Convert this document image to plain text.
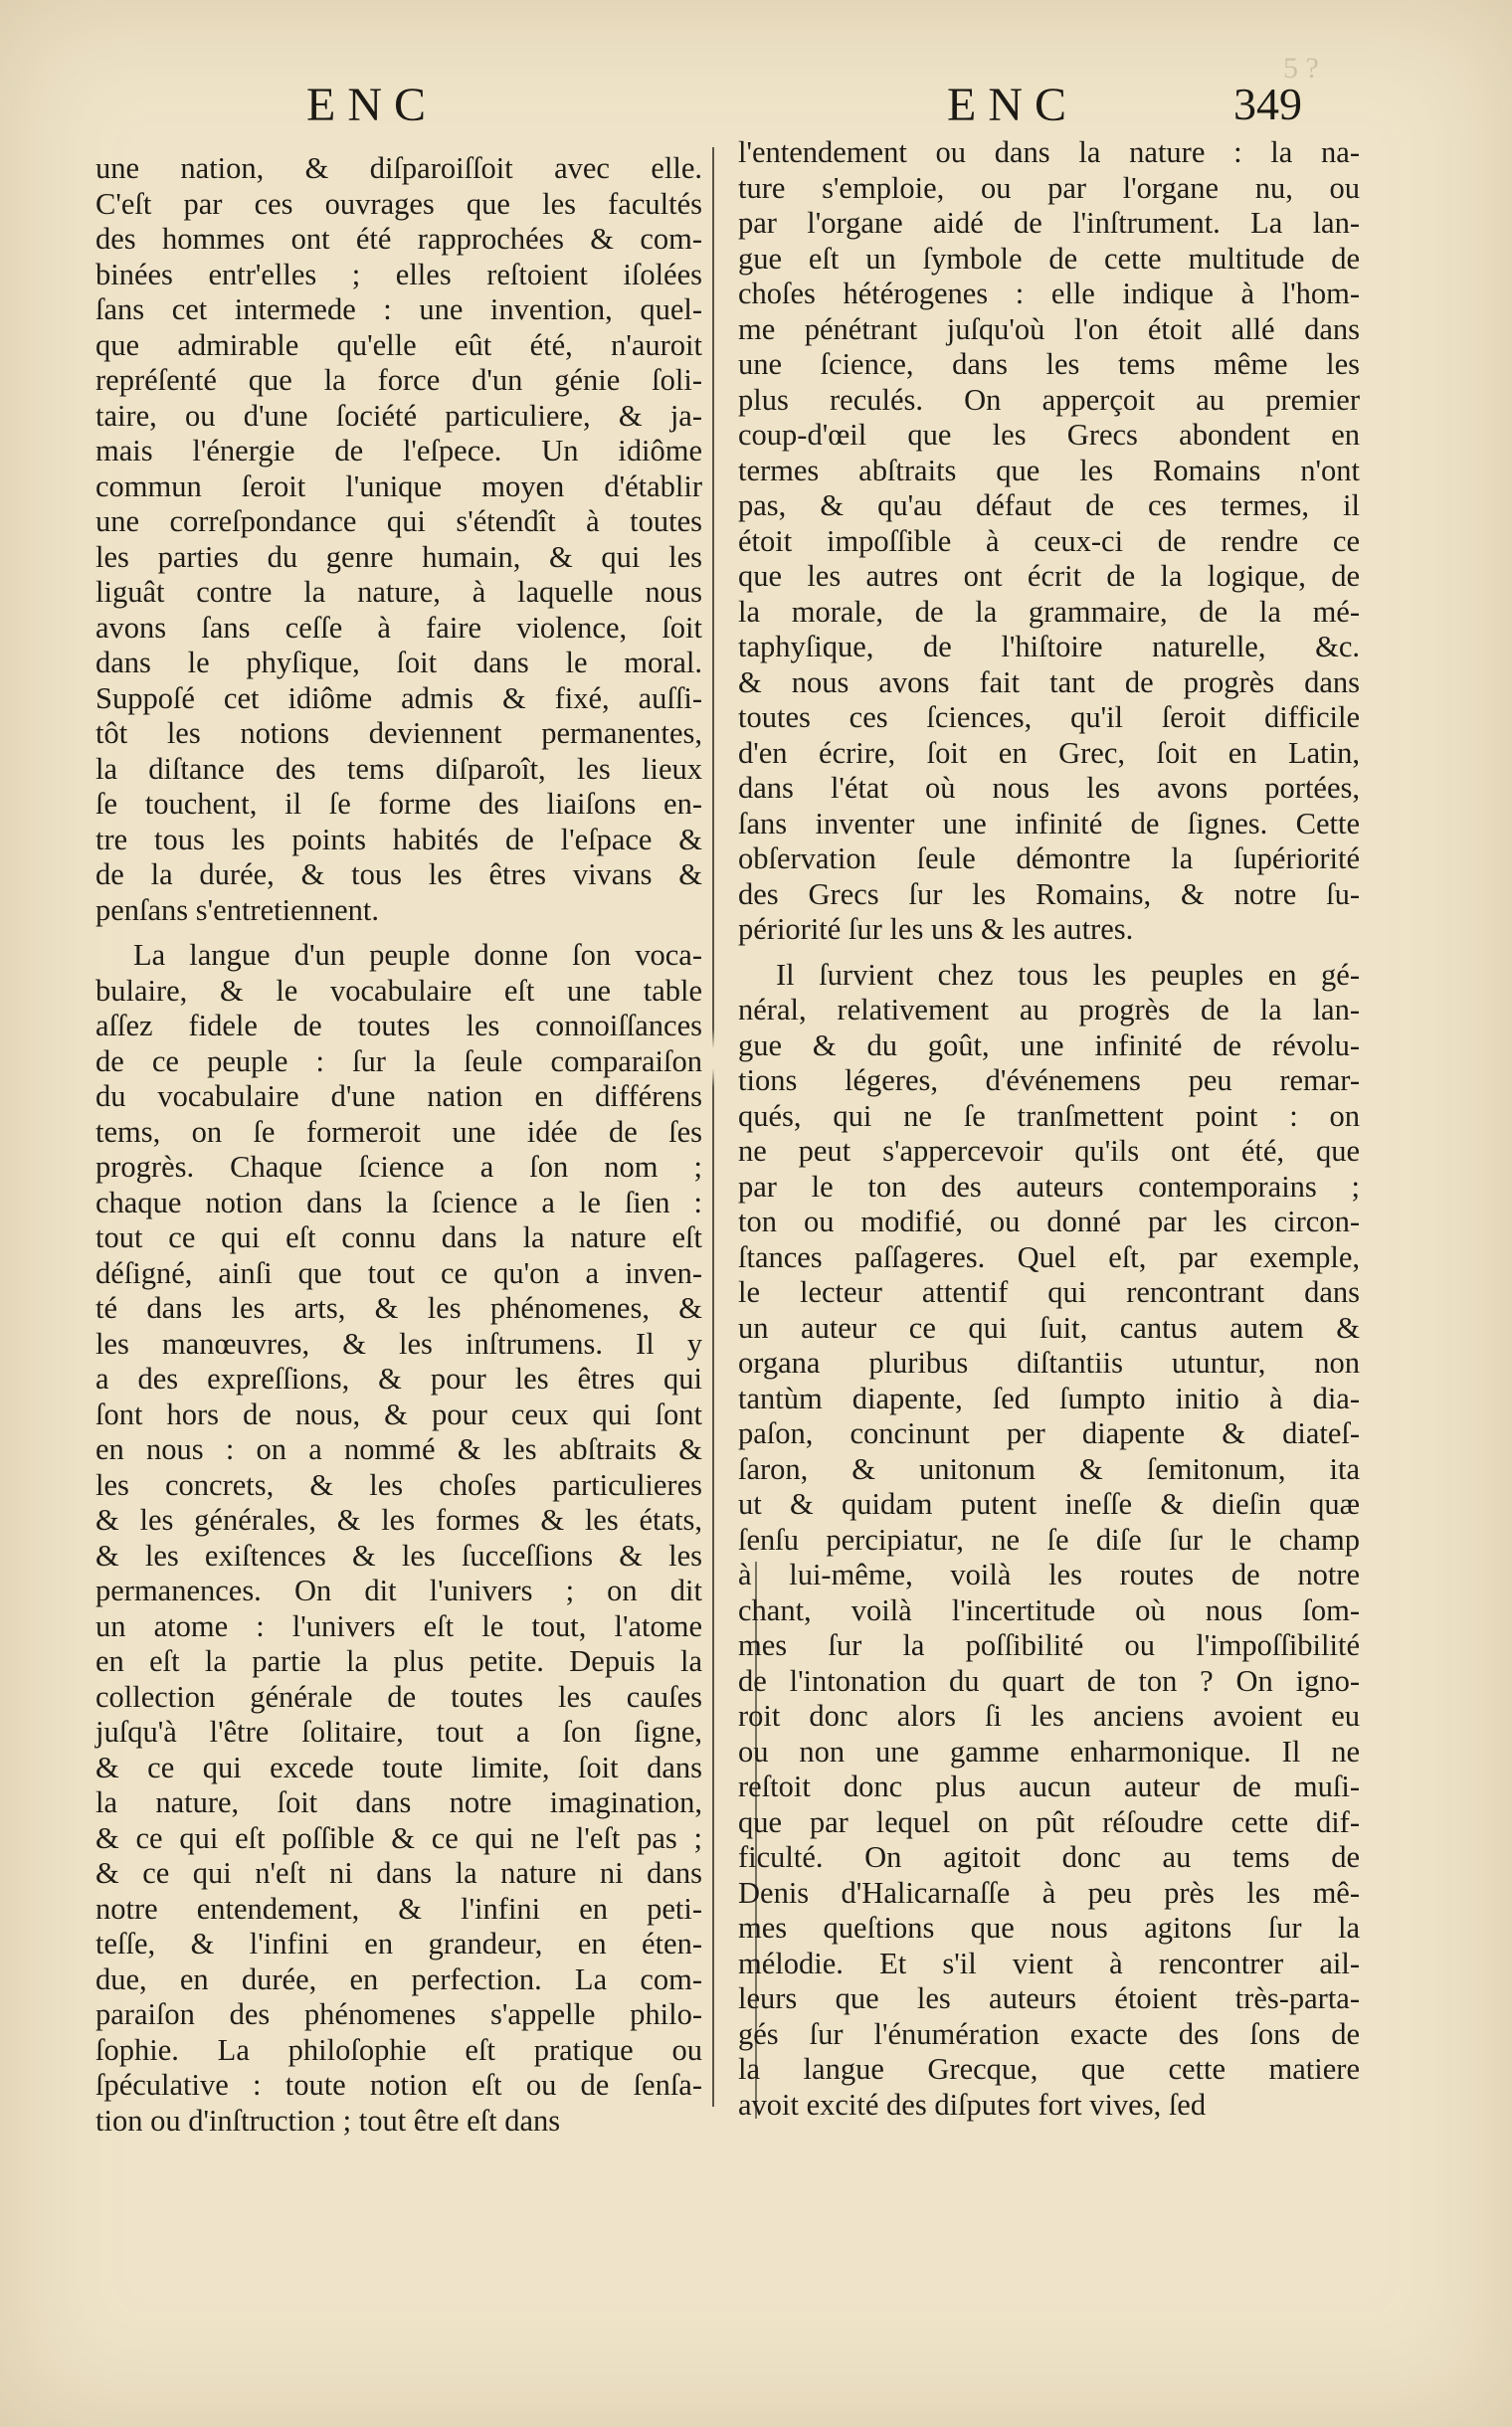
5 ?
ENC	ENC	349
une nation, & diſparoiſſoit avec elle.
C'eſt par ces ouvrages que les facultés
des hommes ont été rapprochées & com-
binées entr'elles ; elles reſtoient iſolées
ſans cet intermede : une invention, quel-
que admirable qu'elle eût été, n'auroit
repréſenté que la force d'un génie ſoli-
taire, ou d'une ſociété particuliere, & ja-
mais l'énergie de l'eſpece. Un idiôme
commun ſeroit l'unique moyen d'établir
une correſpondance qui s'étendît à toutes
les parties du genre humain, & qui les
liguât contre la nature, à laquelle nous
avons ſans ceſſe à faire violence, ſoit
dans le phyſique, ſoit dans le moral.
Suppoſé cet idiôme admis & fixé, auſſi-
tôt les notions deviennent permanentes,
la diſtance des tems diſparoît, les lieux
ſe touchent, il ſe forme des liaiſons en-
tre tous les points habités de l'eſpace &
de la durée, & tous les êtres vivans &
penſans s'entretiennent.
La langue d'un peuple donne ſon voca-
bulaire, & le vocabulaire eſt une table
aſſez fidele de toutes les connoiſſances
de ce peuple : ſur la ſeule comparaiſon
du vocabulaire d'une nation en différens
tems, on ſe formeroit une idée de ſes
progrès. Chaque ſcience a ſon nom ;
chaque notion dans la ſcience a le ſien :
tout ce qui eſt connu dans la nature eſt
déſigné, ainſi que tout ce qu'on a inven-
té dans les arts, & les phénomenes, &
les manœuvres, & les inſtrumens. Il y
a des expreſſions, & pour les êtres qui
ſont hors de nous, & pour ceux qui ſont
en nous : on a nommé & les abſtraits &
les concrets, & les choſes particulieres
& les générales, & les formes & les états,
& les exiſtences & les ſucceſſions & les
permanences. On dit l'univers ; on dit
un atome : l'univers eſt le tout, l'atome
en eſt la partie la plus petite. Depuis la
collection générale de toutes les cauſes
juſqu'à l'être ſolitaire, tout a ſon ſigne,
& ce qui excede toute limite, ſoit dans
la nature, ſoit dans notre imagination,
& ce qui eſt poſſible & ce qui ne l'eſt pas ;
& ce qui n'eſt ni dans la nature ni dans
notre entendement, & l'infini en peti-
teſſe, & l'infini en grandeur, en éten-
due, en durée, en perfection. La com-
paraiſon des phénomenes s'appelle philo-
ſophie. La philoſophie eſt pratique ou
ſpéculative : toute notion eſt ou de ſenſa-
tion ou d'inſtruction ; tout être eſt dans
l'entendement ou dans la nature : la na-
ture s'emploie, ou par l'organe nu, ou
par l'organe aidé de l'inſtrument. La lan-
gue eſt un ſymbole de cette multitude de
choſes hétérogenes : elle indique à l'hom-
me pénétrant juſqu'où l'on étoit allé dans
une ſcience, dans les tems même les
plus reculés. On apperçoit au premier
coup-d'œil que les Grecs abondent en
termes abſtraits que les Romains n'ont
pas, & qu'au défaut de ces termes, il
étoit impoſſible à ceux-ci de rendre ce
que les autres ont écrit de la logique, de
la morale, de la grammaire, de la mé-
taphyſique, de l'hiſtoire naturelle, &c.
& nous avons fait tant de progrès dans
toutes ces ſciences, qu'il ſeroit difficile
d'en écrire, ſoit en Grec, ſoit en Latin,
dans l'état où nous les avons portées,
ſans inventer une infinité de ſignes. Cette
obſervation ſeule démontre la ſupériorité
des Grecs ſur les Romains, & notre ſu-
périorité ſur les uns & les autres.
Il ſurvient chez tous les peuples en gé-
néral, relativement au progrès de la lan-
gue & du goût, une infinité de révolu-
tions légeres, d'événemens peu remar-
qués, qui ne ſe tranſmettent point : on
ne peut s'appercevoir qu'ils ont été, que
par le ton des auteurs contemporains ;
ton ou modifié, ou donné par les circon-
ſtances paſſageres. Quel eſt, par exemple,
le lecteur attentif qui rencontrant dans
un auteur ce qui ſuit, cantus autem &
organa pluribus diſtantiis utuntur, non
tantùm diapente, ſed ſumpto initio à dia-
paſon, concinunt per diapente & diateſ-
ſaron, & unitonum & ſemitonum, ita
ut & quidam putent ineſſe & dieſin quæ
ſenſu percipiatur, ne ſe diſe ſur le champ
à lui-même, voilà les routes de notre
chant, voilà l'incertitude où nous ſom-
mes ſur la poſſibilité ou l'impoſſibilité
de l'intonation du quart de ton ? On igno-
roit donc alors ſi les anciens avoient eu
ou non une gamme enharmonique. Il ne
reſtoit donc plus aucun auteur de muſi-
que par lequel on pût réſoudre cette dif-
ficulté. On agitoit donc au tems de
Denis d'Halicarnaſſe à peu près les mê-
mes queſtions que nous agitons ſur la
mélodie. Et s'il vient à rencontrer ail-
leurs que les auteurs étoient très-parta-
gés ſur l'énumération exacte des ſons de
la langue Grecque, que cette matiere
avoit excité des diſputes fort vives, ſed
